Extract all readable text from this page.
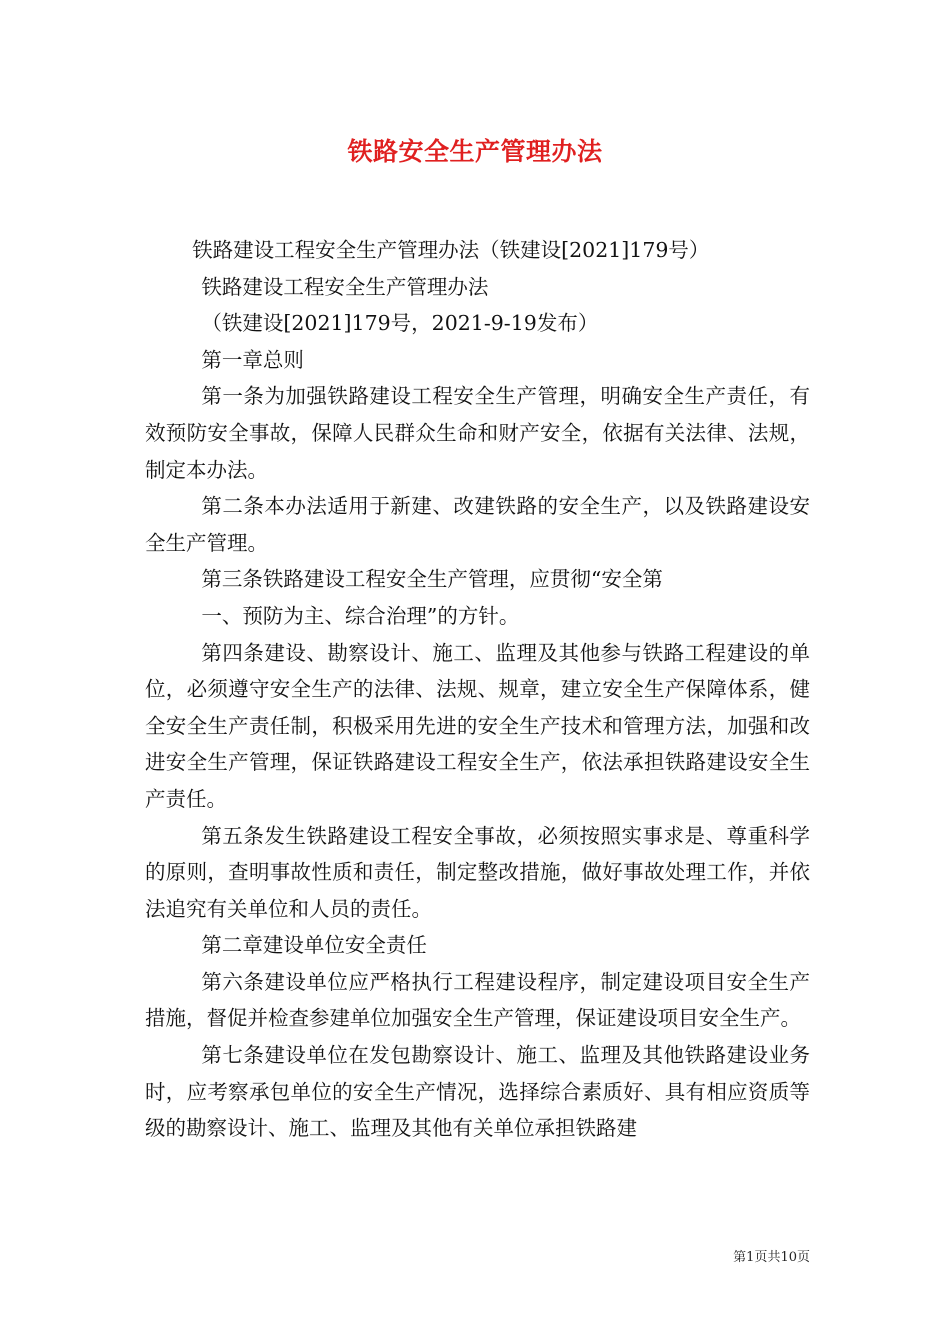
铁路安全生产管理办法

铁路建设工程安全生产管理办法（铁建设[2021]179号）

铁路建设工程安全生产管理办法

（铁建设[2021]179号，2021-9-19发布）

第一章总则

第一条为加强铁路建设工程安全生产管理，明确安全生产责任，有效预防安全事故，保障人民群众生命和财产安全，依据有关法律、法规，制定本办法。

第二条本办法适用于新建、改建铁路的安全生产，以及铁路建设安全生产管理。

第三条铁路建设工程安全生产管理，应贯彻“安全第

一、预防为主、综合治理”的方针。

第四条建设、勘察设计、施工、监理及其他参与铁路工程建设的单位，必须遵守安全生产的法律、法规、规章，建立安全生产保障体系，健全安全生产责任制，积极采用先进的安全生产技术和管理方法，加强和改进安全生产管理，保证铁路建设工程安全生产，依法承担铁路建设安全生产责任。

第五条发生铁路建设工程安全事故，必须按照实事求是、尊重科学的原则，查明事故性质和责任，制定整改措施，做好事故处理工作，并依法追究有关单位和人员的责任。

第二章建设单位安全责任

第六条建设单位应严格执行工程建设程序，制定建设项目安全生产措施，督促并检查参建单位加强安全生产管理，保证建设项目安全生产。

第七条建设单位在发包勘察设计、施工、监理及其他铁路建设业务时，应考察承包单位的安全生产情况，选择综合素质好、具有相应资质等级的勘察设计、施工、监理及其他有关单位承担铁路建

第1页共10页
